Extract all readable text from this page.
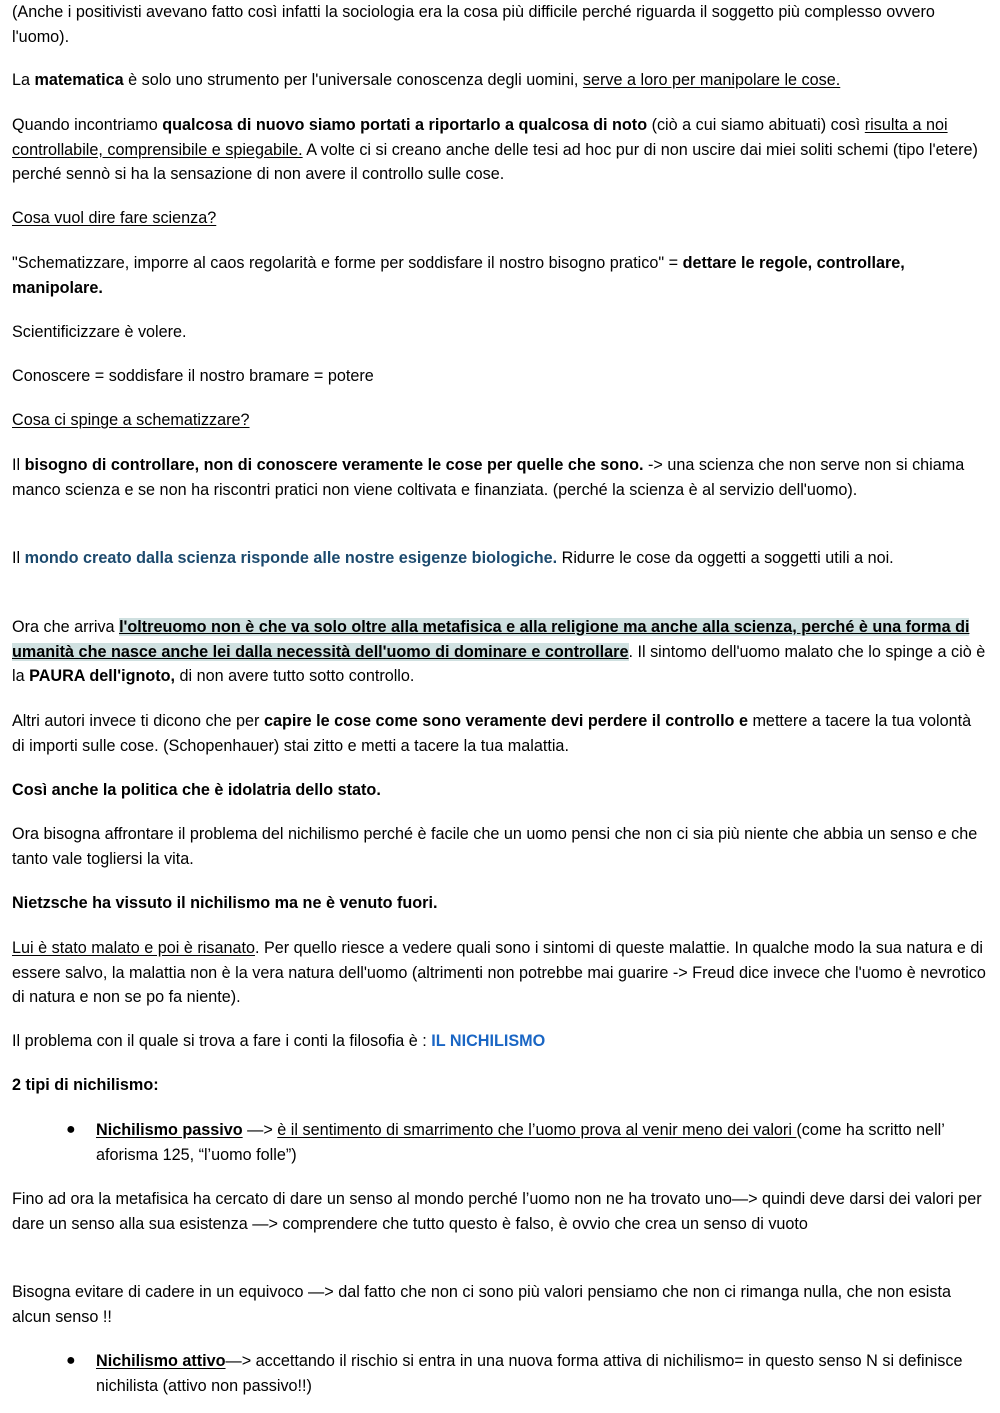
(Anche i positivisti avevano fatto così infatti la sociologia era la cosa più difficile perché riguarda il soggetto più complesso ovvero l'uomo).

La matematica è solo uno strumento per l'universale conoscenza degli uomini, serve a loro per manipolare le cose.

Quando incontriamo qualcosa di nuovo siamo portati a riportarlo a qualcosa di noto (ciò a cui siamo abituati) così risulta a noi controllabile, comprensibile e spiegabile. A volte ci si creano anche delle tesi ad hoc pur di non uscire dai miei soliti schemi (tipo l'etere) perché sennò si ha la sensazione di non avere il controllo sulle cose.

Cosa vuol dire fare scienza?

"Schematizzare, imporre al caos regolarità e forme per soddisfare il nostro bisogno pratico" = dettare le regole, controllare, manipolare.

Scientificizzare è volere.

Conoscere = soddisfare il nostro bramare = potere

Cosa ci spinge a schematizzare?

Il bisogno di controllare, non di conoscere veramente le cose per quelle che sono. -> una scienza che non serve non si chiama manco scienza e se non ha riscontri pratici non viene coltivata e finanziata. (perché la scienza è al servizio dell'uomo).

Il mondo creato dalla scienza risponde alle nostre esigenze biologiche. Ridurre le cose da oggetti a soggetti utili a noi.

Ora che arriva l'oltreuomo non è che va solo oltre alla metafisica e alla religione ma anche alla scienza, perché è una forma di umanità che nasce anche lei dalla necessità dell'uomo di dominare e controllare. Il sintomo dell'uomo malato che lo spinge a ciò è la PAURA dell'ignoto, di non avere tutto sotto controllo.

Altri autori invece ti dicono che per capire le cose come sono veramente devi perdere il controllo e mettere a tacere la tua volontà di importi sulle cose. (Schopenhauer) stai zitto e metti a tacere la tua malattia.

Così anche la politica che è idolatria dello stato.

Ora bisogna affrontare il problema del nichilismo perché è facile che un uomo pensi che non ci sia più niente che abbia un senso e che tanto vale togliersi la vita.

Nietzsche ha vissuto il nichilismo ma ne è venuto fuori.

Lui è stato malato e poi è risanato. Per quello riesce a vedere quali sono i sintomi di queste malattie. In qualche modo la sua natura e di essere salvo, la malattia non è la vera natura dell'uomo (altrimenti non potrebbe mai guarire -> Freud dice invece che l'uomo è nevrotico di natura e non se po fa niente).

Il problema con il quale si trova a fare i conti la filosofia è : IL NICHILISMO

2 tipi di nichilismo:

● Nichilismo passivo —> è il sentimento di smarrimento che l’uomo prova al venir meno dei valori (come ha scritto nell’ aforisma 125, “l’uomo folle”)

Fino ad ora la metafisica ha cercato di dare un senso al mondo perché l’uomo non ne ha trovato uno—> quindi deve darsi dei valori per dare un senso alla sua esistenza —> comprendere che tutto questo è falso, è ovvio che crea un senso di vuoto

Bisogna evitare di cadere in un equivoco —> dal fatto che non ci sono più valori pensiamo che non ci rimanga nulla, che non esista alcun senso !!

● Nichilismo attivo—> accettando il rischio si entra in una nuova forma attiva di nichilismo= in questo senso N si definisce nichilista (attivo non passivo!!)
